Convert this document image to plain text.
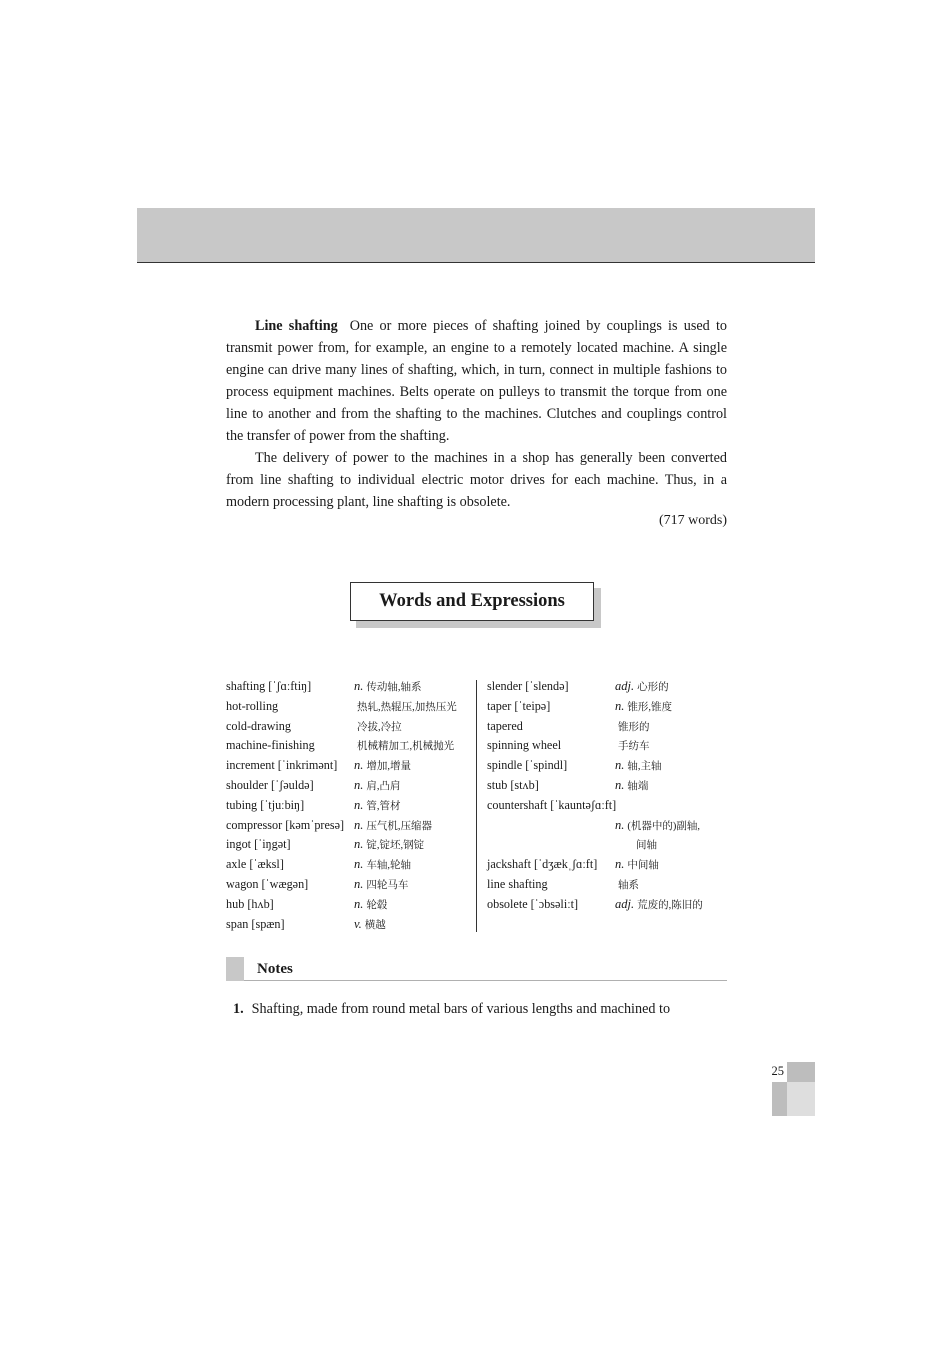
Line shafting One or more pieces of shafting joined by couplings is used to transmit power from, for example, an engine to a remotely located machine. A single engine can drive many lines of shafting, which, in turn, connect in multiple fashions to process equipment machines. Belts operate on pulleys to transmit the torque from one line to another and from the shafting to the machines. Clutches and couplings control the transfer of power from the shafting.

The delivery of power to the machines in a shop has generally been converted from line shafting to individual electric motor drives for each machine. Thus, in a modern processing plant, line shafting is obsolete.

(717 words)
Words and Expressions
shafting [ˈʃɑːftiŋ]	n. 传动轴,轴系
hot-rolling	热轧,热辊压,加热压光
cold-drawing	冷拔,冷拉
machine-finishing	机械精加工,机械抛光
increment [ˈinkrimənt] n. 增加,增量
shoulder [ˈʃəuldə]	n. 肩,凸肩
tubing [ˈtjuːbiŋ]	n. 管,管材
compressor [kəmˈpresə] n. 压气机,压缩器
ingot [ˈiŋgət]	n. 锭,锭坯,钢锭
axle [ˈæksl]	n. 车轴,轮轴
wagon [ˈwægən]	n. 四轮马车
hub [hʌb]	n. 轮毂
span [spæn]	v. 横越
slender [ˈslendə]	adj. 心形的
taper [ˈteipə]	n. 锥形,锥度
tapered	锥形的
spinning wheel	手纺车
spindle [ˈspindl]	n. 轴,主轴
stub [stʌb]	n. 轴端
countershaft [ˈkauntəʃɑːft]
n. (机器中的)副轴,
间轴
jackshaft [ˈdʒækˌʃɑːft] n. 中间轴
line shafting	轴系
obsolete [ˈɔbsəliːt]	adj. 荒废的,陈旧的
Notes
1. Shafting, made from round metal bars of various lengths and machined to
25
